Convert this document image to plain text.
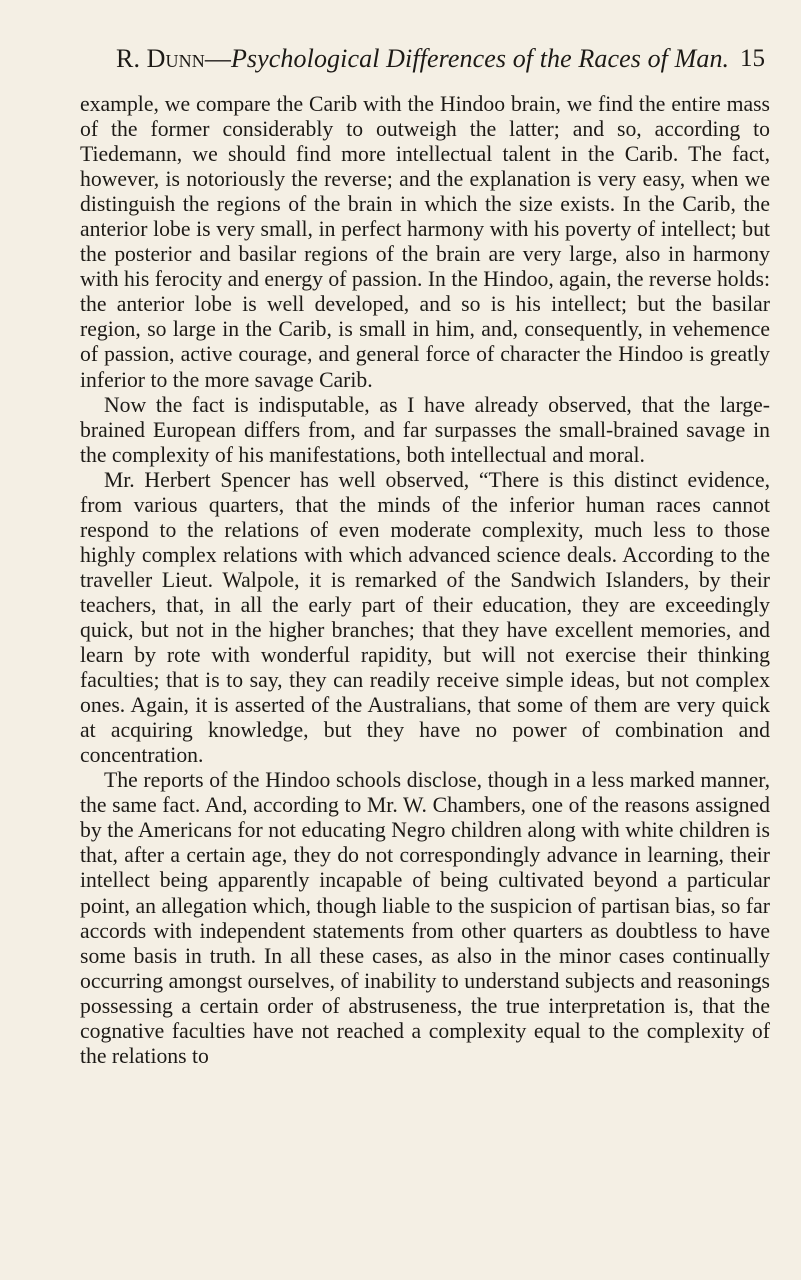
R. Dunn—Psychological Differences of the Races of Man. 15

example, we compare the Carib with the Hindoo brain, we find the entire mass of the former considerably to outweigh the latter; and so, according to Tiedemann, we should find more intellectual talent in the Carib. The fact, however, is notoriously the reverse; and the explanation is very easy, when we distinguish the regions of the brain in which the size exists. In the Carib, the anterior lobe is very small, in perfect harmony with his poverty of intellect; but the posterior and basilar regions of the brain are very large, also in harmony with his ferocity and energy of passion. In the Hindoo, again, the reverse holds: the anterior lobe is well developed, and so is his intellect; but the basilar region, so large in the Carib, is small in him, and, consequently, in vehemence of passion, active courage, and general force of character the Hindoo is greatly inferior to the more savage Carib.

Now the fact is indisputable, as I have already observed, that the large-brained European differs from, and far surpasses the small-brained savage in the complexity of his manifestations, both intellectual and moral.

Mr. Herbert Spencer has well observed, “There is this distinct evidence, from various quarters, that the minds of the inferior human races cannot respond to the relations of even moderate complexity, much less to those highly complex relations with which advanced science deals. According to the traveller Lieut. Walpole, it is remarked of the Sandwich Islanders, by their teachers, that, in all the early part of their education, they are exceedingly quick, but not in the higher branches; that they have excellent memories, and learn by rote with wonderful rapidity, but will not exercise their thinking faculties; that is to say, they can readily receive simple ideas, but not complex ones. Again, it is asserted of the Australians, that some of them are very quick at acquiring knowledge, but they have no power of combination and concentration.

The reports of the Hindoo schools disclose, though in a less marked manner, the same fact. And, according to Mr. W. Chambers, one of the reasons assigned by the Americans for not educating Negro children along with white children is that, after a certain age, they do not correspondingly advance in learning, their intellect being apparently incapable of being cultivated beyond a particular point, an allegation which, though liable to the suspicion of partisan bias, so far accords with independent statements from other quarters as doubtless to have some basis in truth. In all these cases, as also in the minor cases continually occurring amongst ourselves, of inability to understand subjects and reasonings possessing a certain order of abstruseness, the true interpretation is, that the cognative faculties have not reached a complexity equal to the complexity of the relations to
